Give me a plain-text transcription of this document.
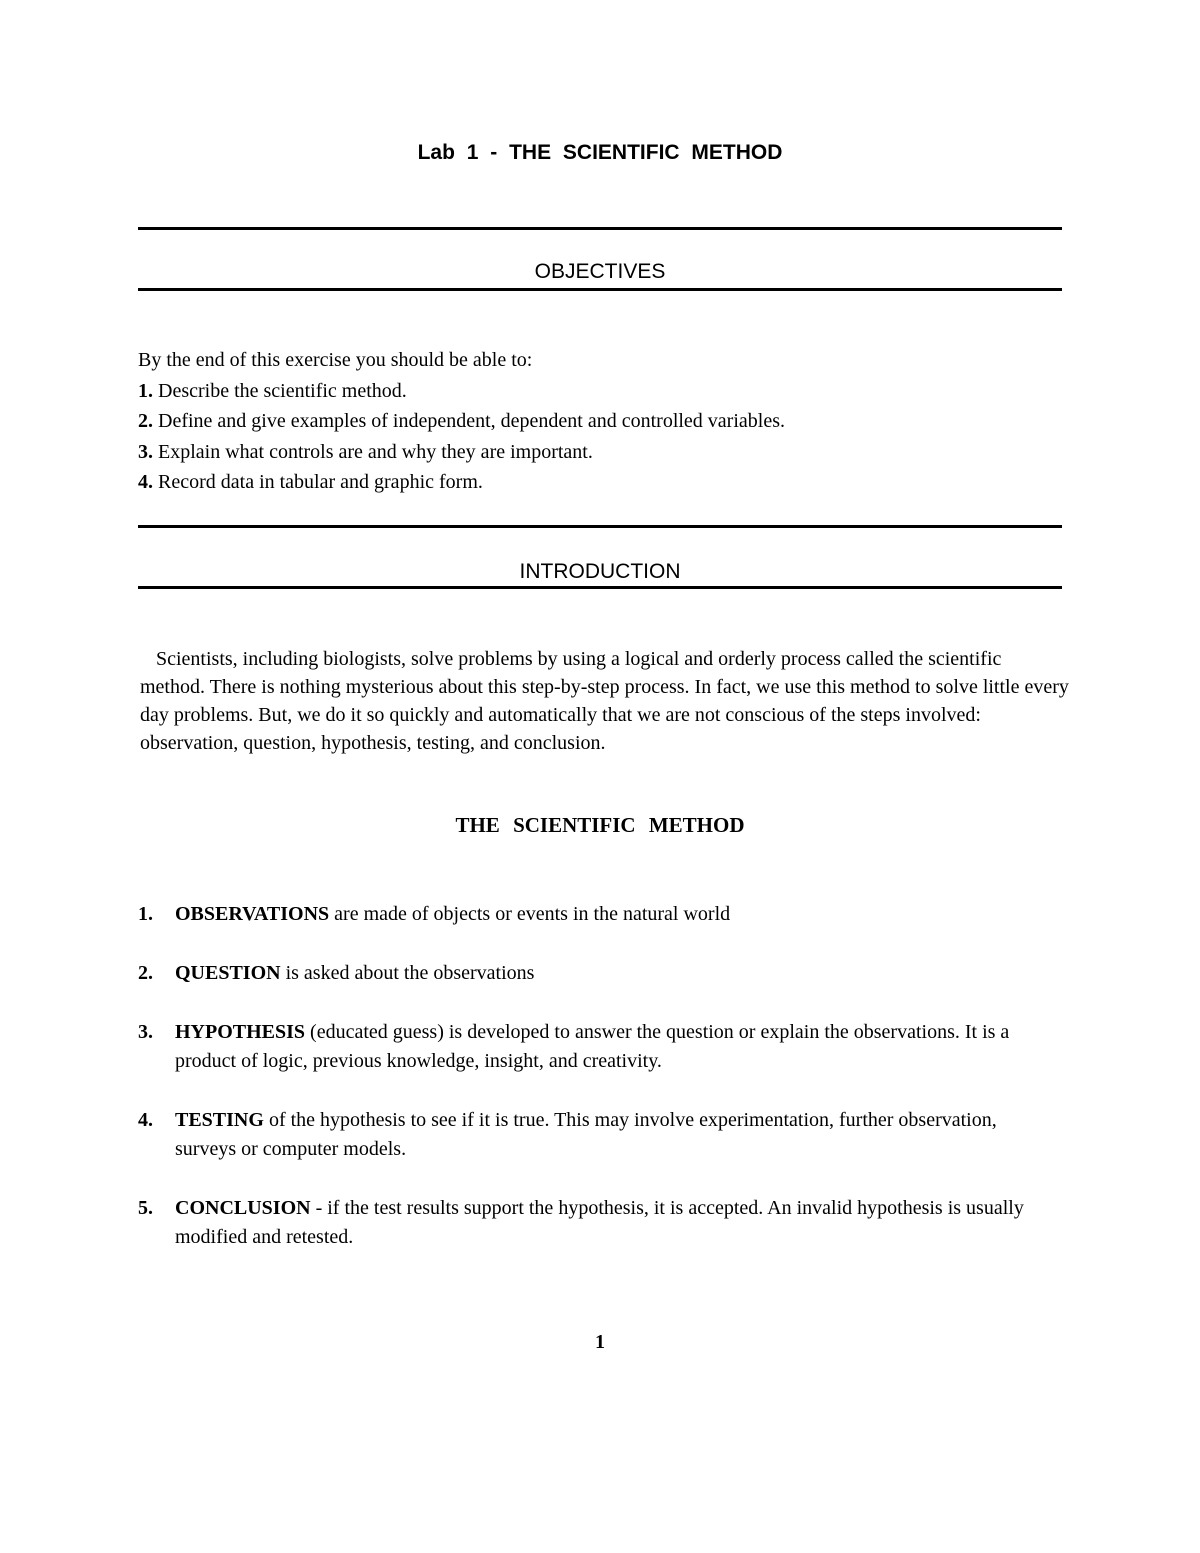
Lab 1 - THE SCIENTIFIC METHOD
OBJECTIVES

By the end of this exercise you should be able to:

1. Describe the scientific method.
2. Define and give examples of independent, dependent and controlled variables.
3. Explain what controls are and why they are important.
4. Record data in tabular and graphic form.
INTRODUCTION

Scientists, including biologists, solve problems by using a logical and orderly process called the scientific method. There is nothing mysterious about this step-by-step process. In fact, we use this method to solve little every day problems. But, we do it so quickly and automatically that we are not conscious of the steps involved: observation, question, hypothesis, testing, and conclusion.

THE SCIENTIFIC METHOD
1. OBSERVATIONS are made of objects or events in the natural world
2. QUESTION is asked about the observations
3. HYPOTHESIS (educated guess) is developed to answer the question or explain the observations. It is a product of logic, previous knowledge, insight, and creativity.
4. TESTING of the hypothesis to see if it is true. This may involve experimentation, further observation, surveys or computer models.
5. CONCLUSION - if the test results support the hypothesis, it is accepted. An invalid hypothesis is usually modified and retested.
1
